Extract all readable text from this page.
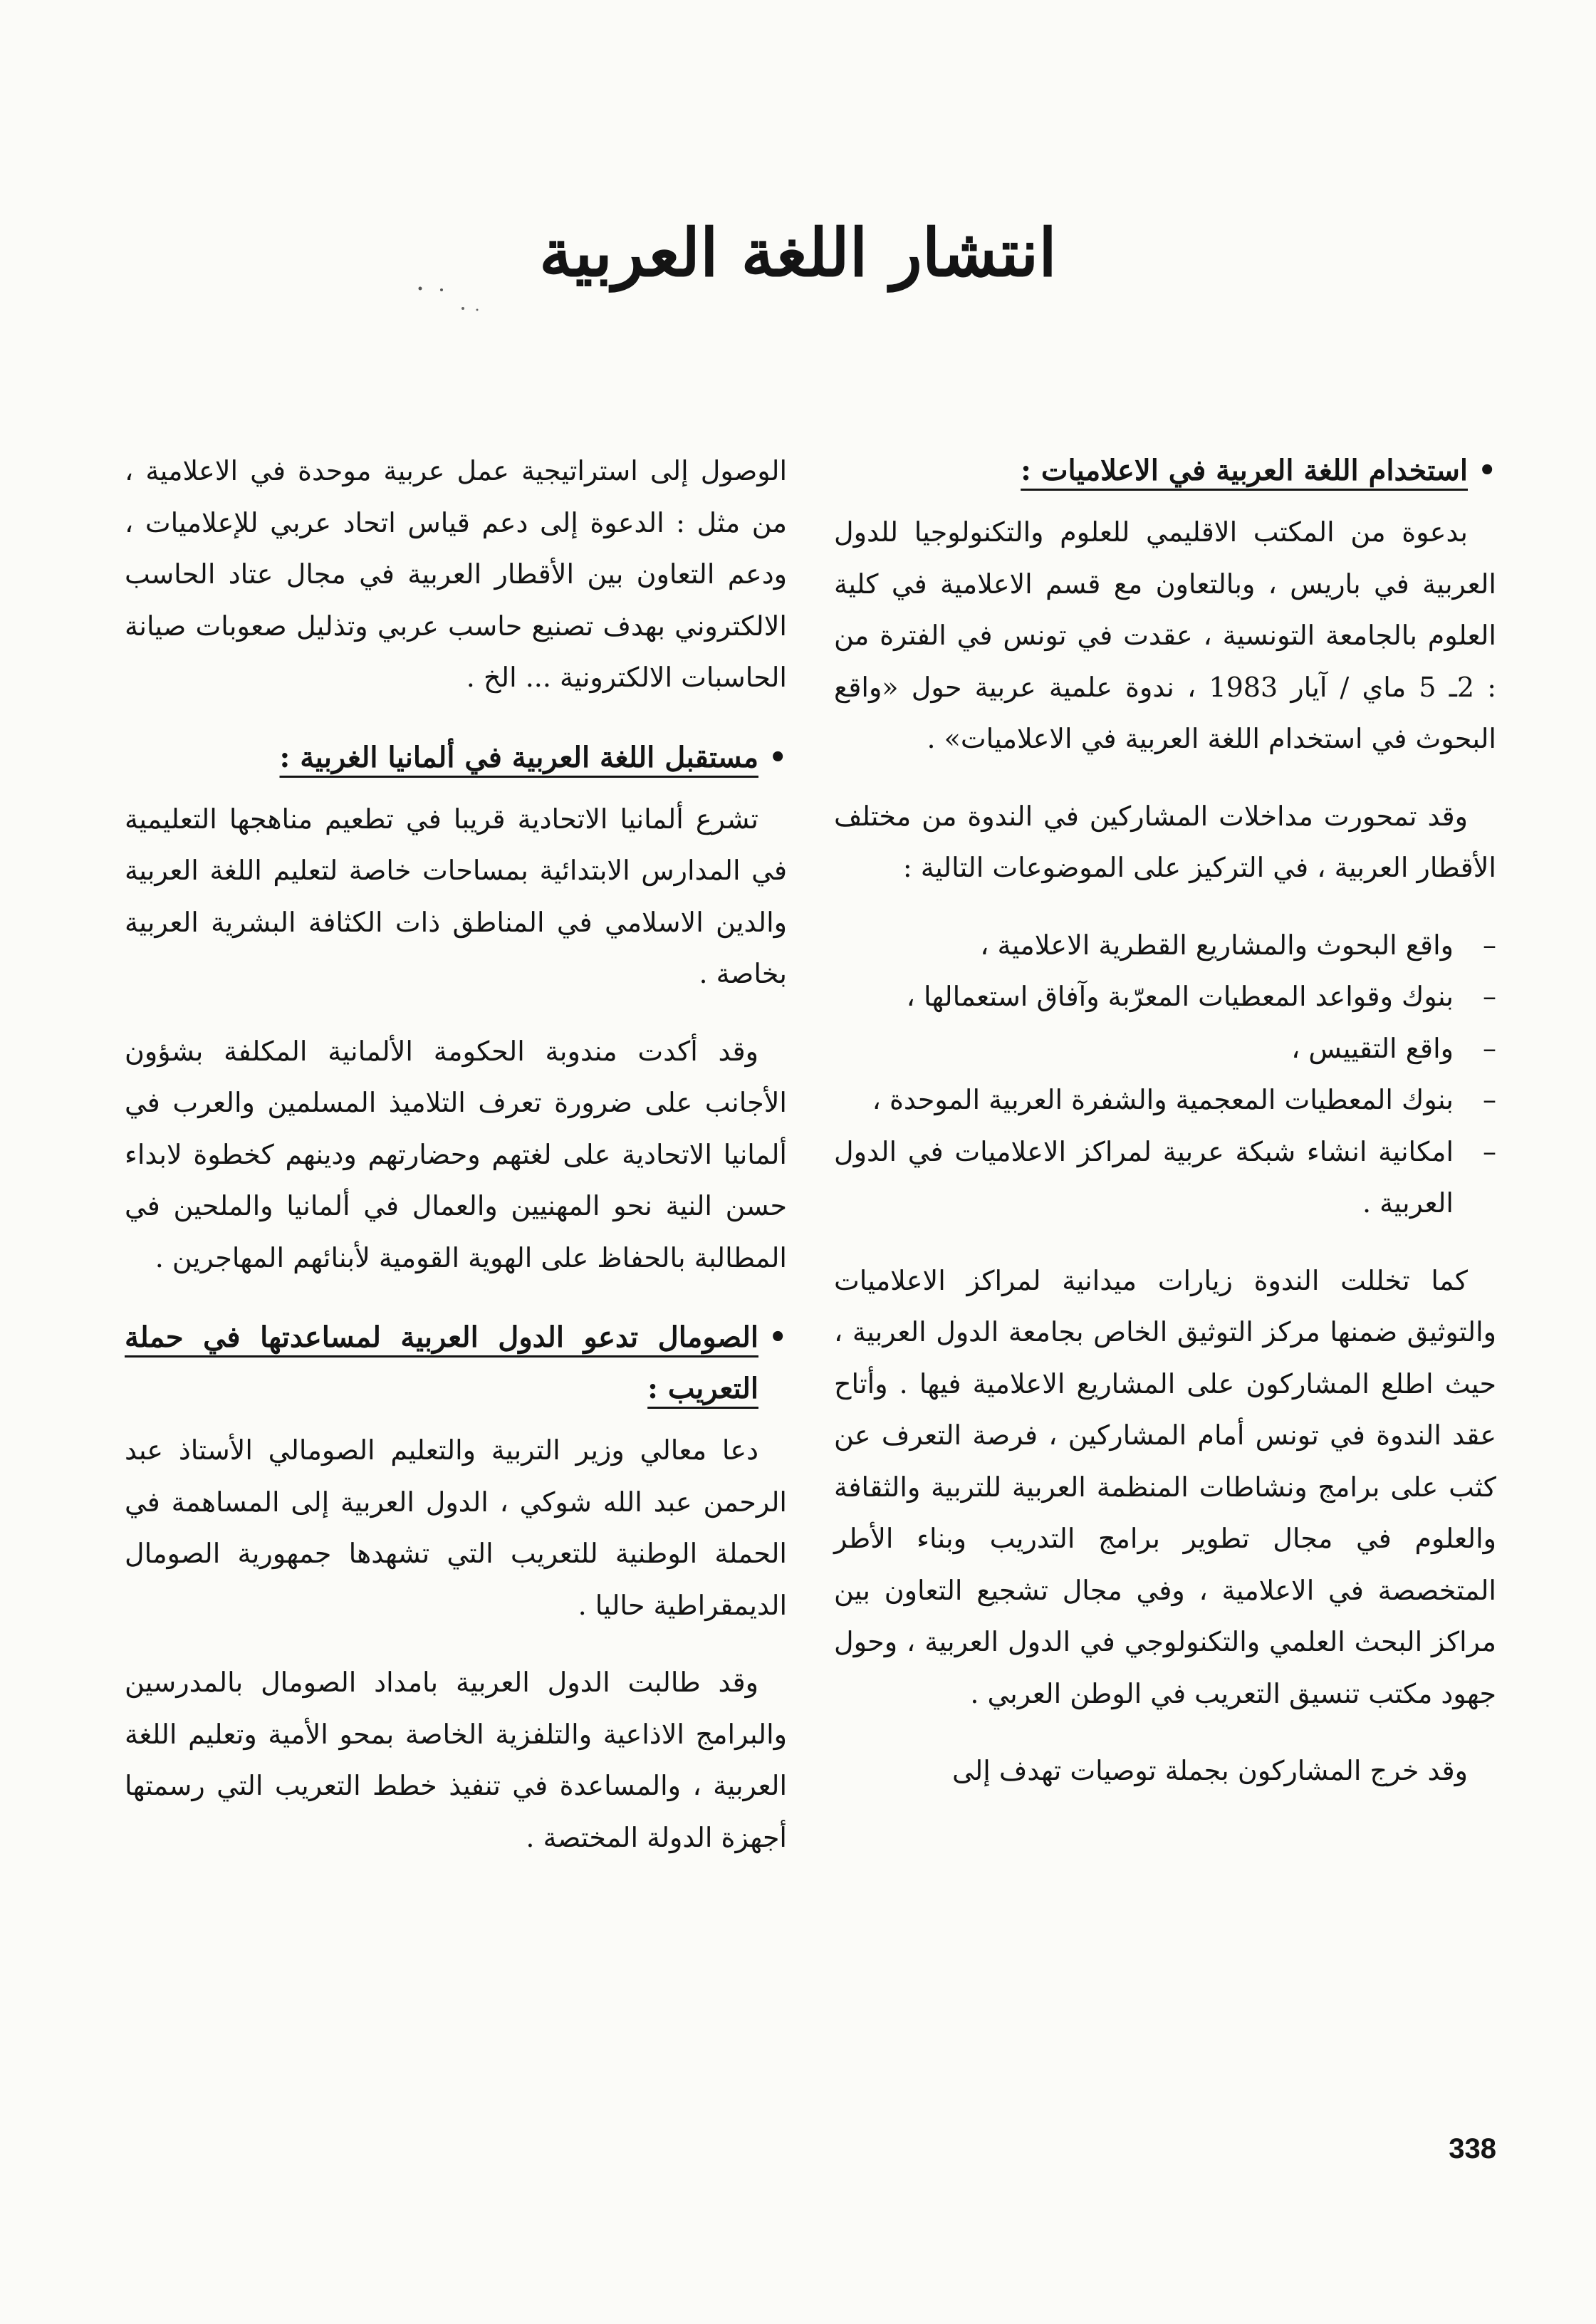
انتشار اللغة العربية
•
استخدام اللغة العربية في الاعلاميات :

بدعوة من المكتب الاقليمي للعلوم والتكنولوجيا للدول العربية في باريس ، وبالتعاون مع قسم الاعلامية في كلية العلوم بالجامعة التونسية ، عقدت في تونس في الفترة من : 2ـ 5 ماي / آيار 1983 ، ندوة علمية عربية حول «واقع البحوث في استخدام اللغة العربية في الاعلاميات» .

وقد تمحورت مداخلات المشاركين في الندوة من مختلف الأقطار العربية ، في التركيز على الموضوعات التالية :

– واقع البحوث والمشاريع القطرية الاعلامية ،
– بنوك وقواعد المعطيات المعرّبة وآفاق استعمالها ،
– واقع التقييس ،
– بنوك المعطيات المعجمية والشفرة العربية الموحدة ،
– امكانية انشاء شبكة عربية لمراكز الاعلاميات في الدول العربية .

كما تخللت الندوة زيارات ميدانية لمراكز الاعلاميات والتوثيق ضمنها مركز التوثيق الخاص بجامعة الدول العربية ، حيث اطلع المشاركون على المشاريع الاعلامية فيها . وأتاح عقد الندوة في تونس أمام المشاركين ، فرصة التعرف عن كثب على برامج ونشاطات المنظمة العربية للتربية والثقافة والعلوم في مجال تطوير برامج التدريب وبناء الأطر المتخصصة في الاعلامية ، وفي مجال تشجيع التعاون بين مراكز البحث العلمي والتكنولوجي في الدول العربية ، وحول جهود مكتب تنسيق التعريب في الوطن العربي .

وقد خرج المشاركون بجملة توصيات تهدف إلى

الوصول إلى استراتيجية عمل عربية موحدة في الاعلامية ، من مثل : الدعوة إلى دعم قياس اتحاد عربي للإعلاميات ، ودعم التعاون بين الأقطار العربية في مجال عتاد الحاسب الالكتروني بهدف تصنيع حاسب عربي وتذليل صعوبات صيانة الحاسبات الالكترونية ... الخ .

•
مستقبل اللغة العربية في ألمانيا الغربية :

تشرع ألمانيا الاتحادية قريبا في تطعيم مناهجها التعليمية في المدارس الابتدائية بمساحات خاصة لتعليم اللغة العربية والدين الاسلامي في المناطق ذات الكثافة البشرية العربية بخاصة .

وقد أكدت مندوبة الحكومة الألمانية المكلفة بشؤون الأجانب على ضرورة تعرف التلاميذ المسلمين والعرب في ألمانيا الاتحادية على لغتهم وحضارتهم ودينهم كخطوة لابداء حسن النية نحو المهنيين والعمال في ألمانيا والملحين في المطالبة بالحفاظ على الهوية القومية لأبنائهم المهاجرين .

•
الصومال تدعو الدول العربية لمساعدتها في حملة التعريب :

دعا معالي وزير التربية والتعليم الصومالي الأستاذ عبد الرحمن عبد الله شوكي ، الدول العربية إلى المساهمة في الحملة الوطنية للتعريب التي تشهدها جمهورية الصومال الديمقراطية حاليا .

وقد طالبت الدول العربية بامداد الصومال بالمدرسين والبرامج الاذاعية والتلفزية الخاصة بمحو الأمية وتعليم اللغة العربية ، والمساعدة في تنفيذ خطط التعريب التي رسمتها أجهزة الدولة المختصة .

338
